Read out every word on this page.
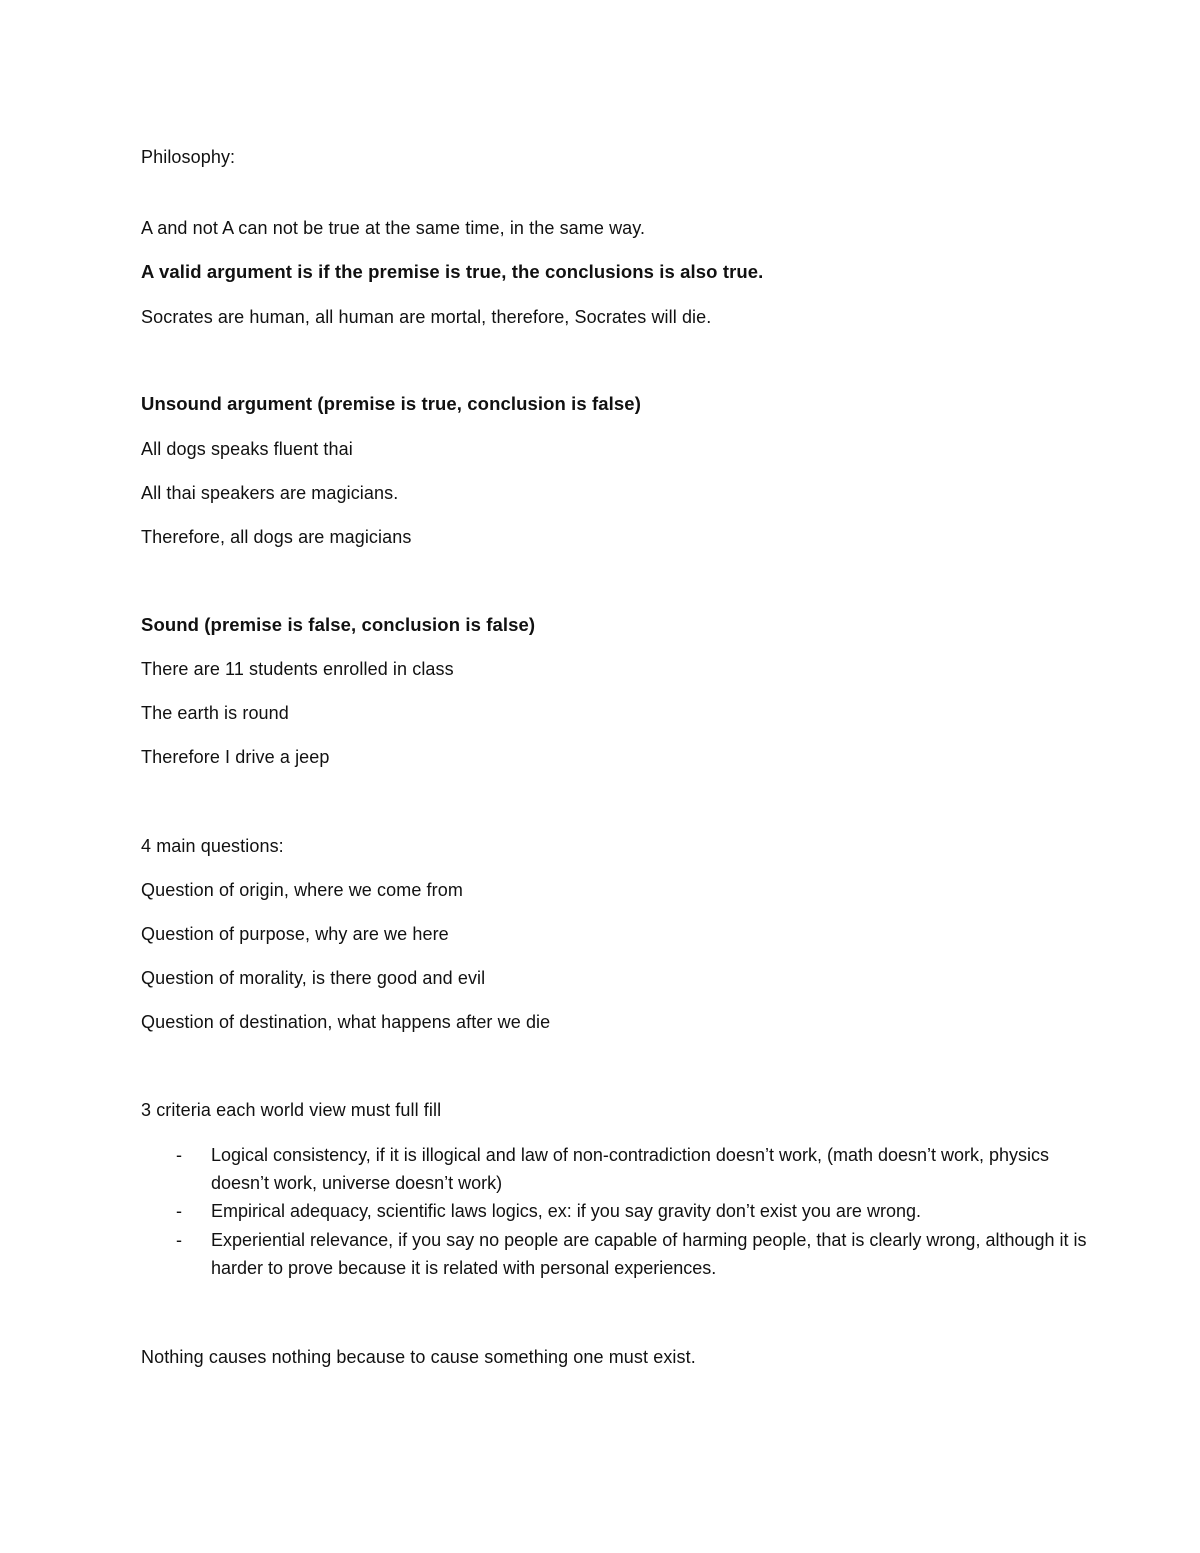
Philosophy:
A and not A can not be true at the same time, in the same way.
A valid argument is if the premise is true, the conclusions is also true.
Socrates are human, all human are mortal, therefore, Socrates will die.
Unsound argument (premise is true, conclusion is false)
All dogs speaks fluent thai
All thai speakers are magicians.
Therefore, all dogs are magicians
Sound (premise is false, conclusion is false)
There are 11 students enrolled in class
The earth is round
Therefore I drive a jeep
4 main questions:
Question of origin, where we come from
Question of purpose, why are we here
Question of morality, is there good and evil
Question of destination, what happens after we die
3 criteria each world view must full fill
- Logical consistency, if it is illogical and law of non-contradiction doesn’t work, (math doesn’t work, physics doesn’t work, universe doesn’t work)
- Empirical adequacy, scientific laws logics, ex: if you say gravity don’t exist you are wrong.
- Experiential relevance, if you say no people are capable of harming people, that is clearly wrong, although it is harder to prove because it is related with personal experiences.
Nothing causes nothing because to cause something one must exist.
